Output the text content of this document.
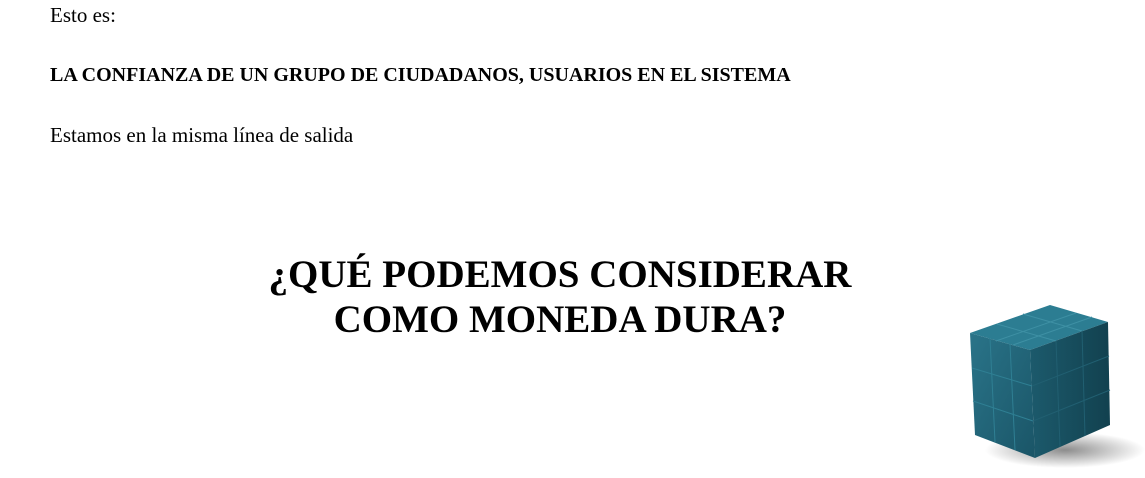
Esto es:

LA CONFIANZA DE UN GRUPO DE CIUDADANOS, USUARIOS EN EL SISTEMA

Estamos en la misma línea de salida

¿QUÉ PODEMOS CONSIDERAR
COMO MONEDA DURA?
